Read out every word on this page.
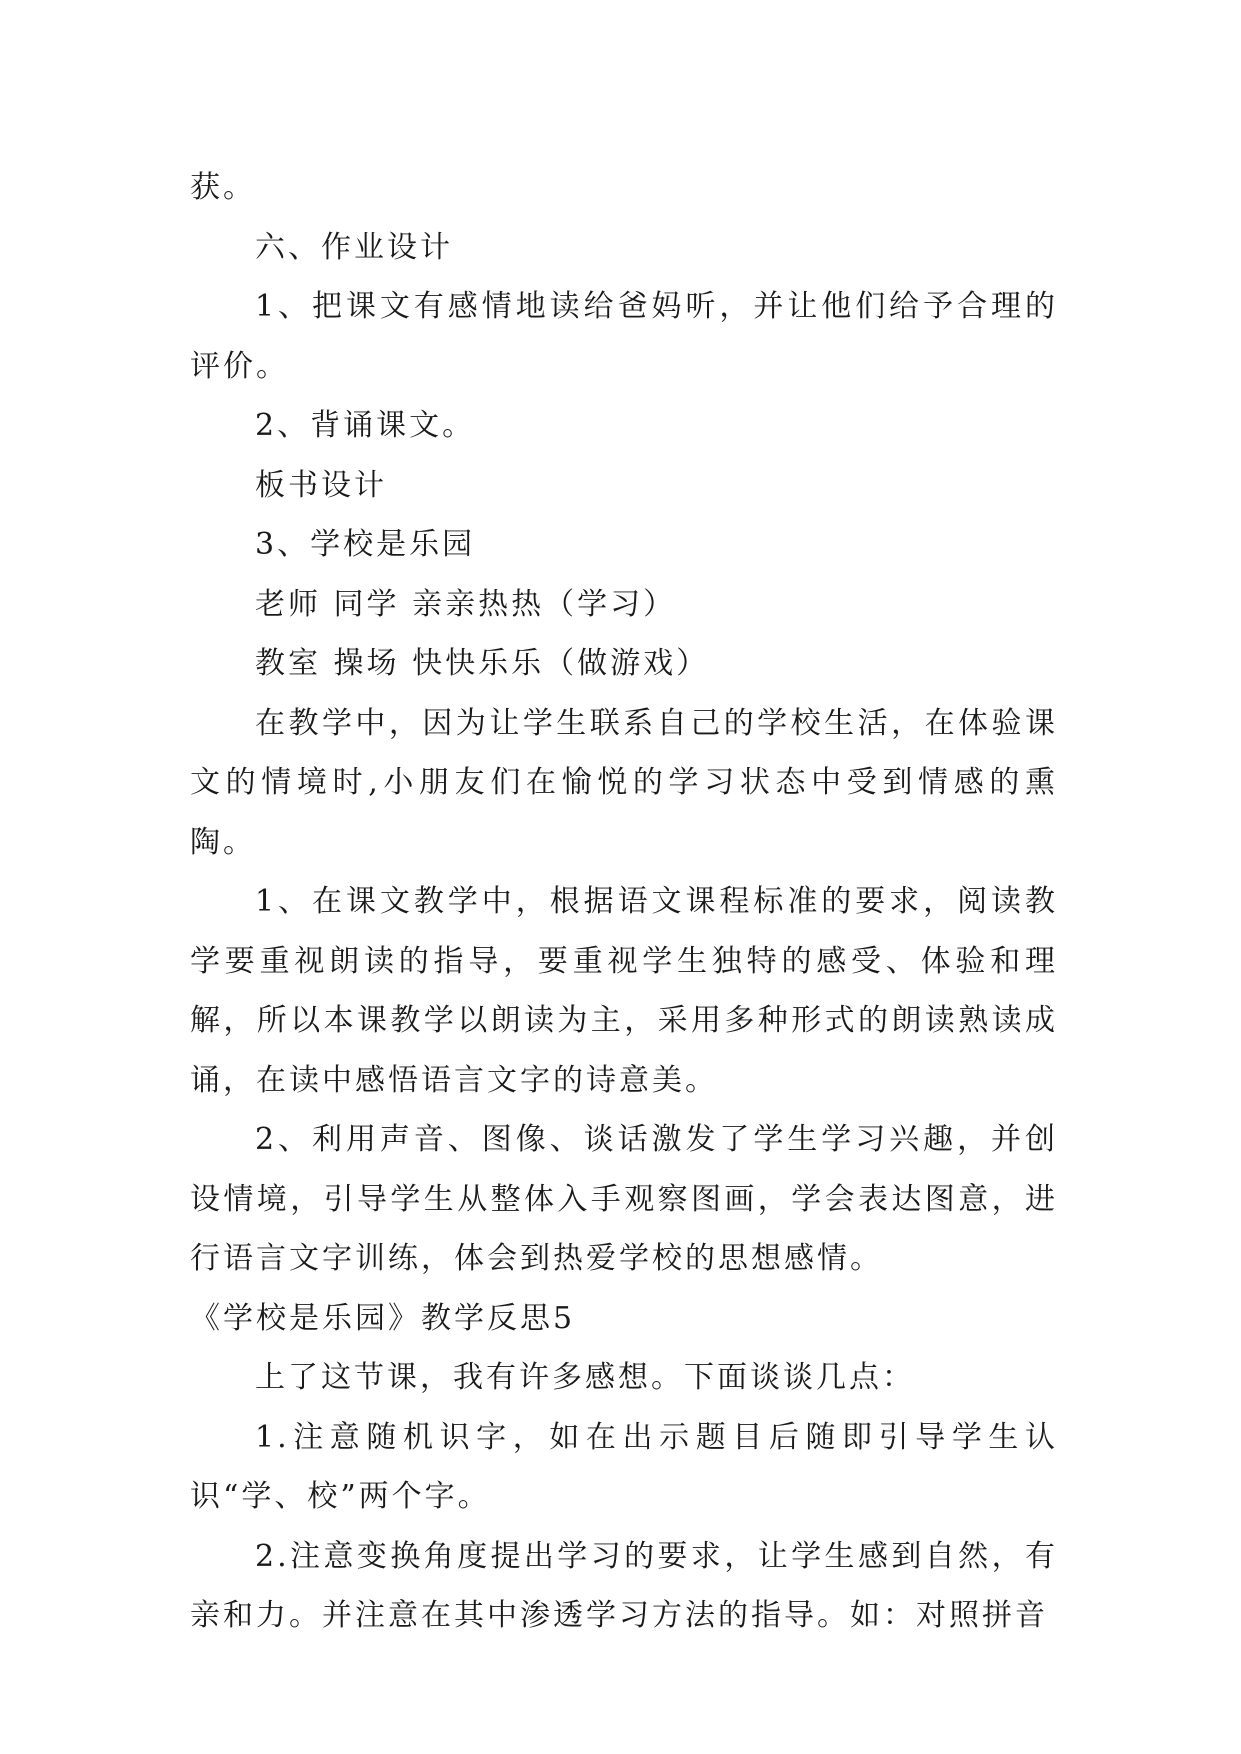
获。

六、作业设计

1、把课文有感情地读给爸妈听，并让他们给予合理的评价。

2、背诵课文。

板书设计

3、学校是乐园

老师 同学 亲亲热热（学习）

教室 操场 快快乐乐（做游戏）

在教学中，因为让学生联系自己的学校生活，在体验课文的情境时,小朋友们在愉悦的学习状态中受到情感的熏陶。

1、在课文教学中，根据语文课程标准的要求，阅读教学要重视朗读的指导，要重视学生独特的感受、体验和理解，所以本课教学以朗读为主，采用多种形式的朗读熟读成诵，在读中感悟语言文字的诗意美。

2、利用声音、图像、谈话激发了学生学习兴趣，并创设情境，引导学生从整体入手观察图画，学会表达图意，进行语言文字训练，体会到热爱学校的思想感情。

《学校是乐园》教学反思5

上了这节课，我有许多感想。下面谈谈几点：

1.注意随机识字，如在出示题目后随即引导学生认识“学、校”两个字。

2.注意变换角度提出学习的要求，让学生感到自然，有亲和力。并注意在其中渗透学习方法的指导。如：对照拼音
